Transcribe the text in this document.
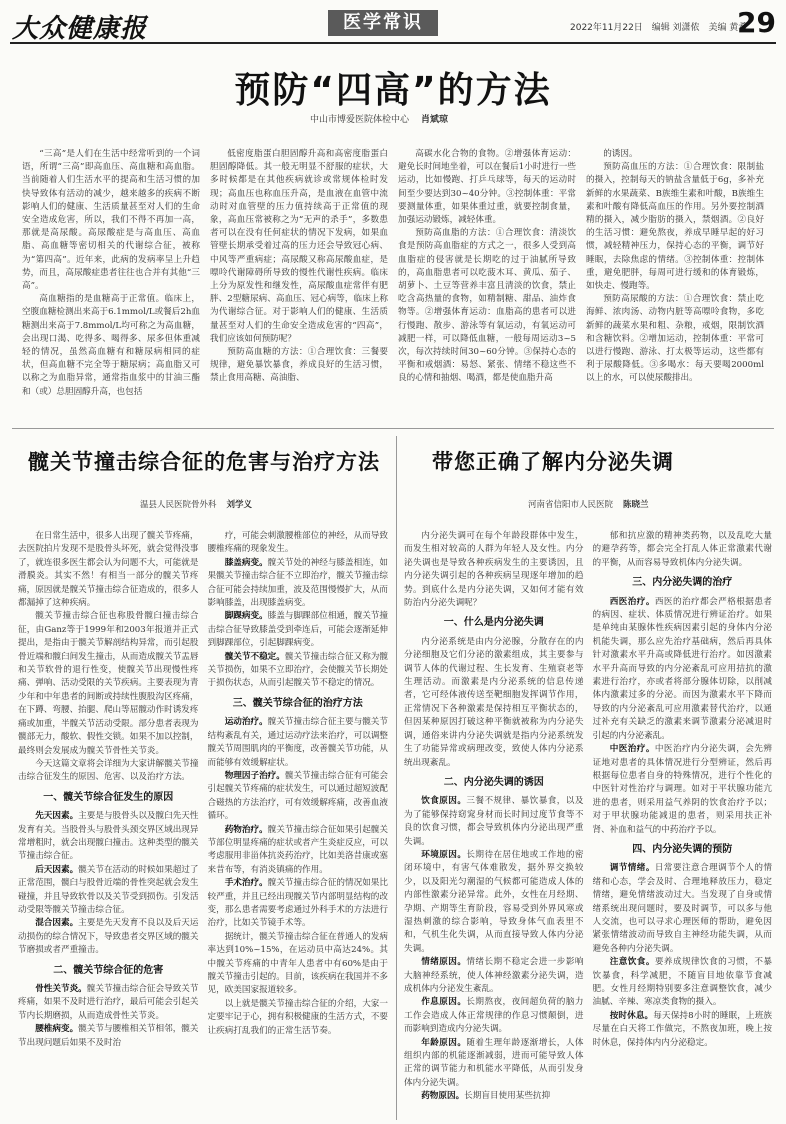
大众健康报	医学常识	2022年11月22日 编辑 刘潇侬 美编 黄希
29
预防“四高”的方法
中山市博爱医院体检中心 肖斌琼

“三高”是人们在生活中经常听到的一个词语，所谓“三高”即高血压、高血糖和高血脂。当前随着人们生活水平的提高和生活习惯的加快导致体有活动的减少，越来越多的疾病不断影响人们的健康、生活质量甚至对人们的生命安全造成危害，所以，我们不得不再加一高，那就是高尿酸。高尿酸症是与高血压、高血脂、高血糖等密切相关的代谢综合征，被称为“第四高”。近年来，此病的发病率呈上升趋势，而且，高尿酸症患者往往也合并有其他“三高”。

高血糖指的是血糖高于正常值。临床上，空腹血糖检测出来高于6.1mmol/L或餐后2h血糖测出来高于7.8mmol/L均可称之为高血糖，会出现口渴、吃得多、喝得多、尿多但体重减轻的情况，虽然高血糖有和糖尿病相同的症状，但高血糖不完全等于糖尿病；高血脂又可以称之为血脂异常，通常指血浆中的甘油三酯和（或）总胆固醇升高，也包括

低密度脂蛋白胆固醇升高和高密度脂蛋白胆固醇降低。其一般无明显不舒服的症状，大多时候都是在其他疾病就诊或常规体检时发现；高血压也称血压升高，是血液在血管中流动时对血管壁的压力值持续高于正常值的现象，高血压常被称之为“无声的杀手”，多数患者可以在没有任何症状的情况下发病，如果血管壁长期承受着过高的压力还会导致冠心病、中风等严重病症；高尿酸又称高尿酸血症，是嘌呤代谢障碍所导致的慢性代谢性疾病。临床上分为原发性和继发性，高尿酸血症常伴有肥胖、2型糖尿病、高血压、冠心病等，临床上称为代谢综合征。对于影响人们的健康、生活质量甚至对人们的生命安全造成危害的“四高”，我们应该如何预防呢？

预防高血糖的方法：①合理饮食：三餐要规律，避免暴饮暴食，养成良好的生活习惯，禁止食用高糖、高油脂、

高碳水化合物的食物。②增强体育运动：避免长时间地坐着，可以在餐后1小时进行一些运动，比如慢跑、打乒乓球等，每天的运动时间至少要达到30~40分钟。③控制体重：平常要测量体重，如果体重过重，就要控制食量，加强运动锻炼，减轻体重。

预防高血脂的方法：①合理饮食：清淡饮食是预防高血脂症的方式之一，很多人受到高血脂症的侵害就是长期吃的过于油腻所导致的，高血脂患者可以吃菠木耳、黄瓜、茄子、胡萝卜、土豆等营养丰富且清淡的饮食，禁止吃含高热量的食物，如精制糖、甜品、油炸食物等。②增强体育运动：血脂高的患者可以进行慢跑、散步、游泳等有氧运动，有氧运动可减肥一样，可以降低血糖，一般每周运动3~5次，每次持续时间30~60分钟。③保持心态的平衡和戒烟酒：易怒、紧张、情绪不稳这些不良的心情和抽烟、喝酒，都是使血脂升高

的诱因。

预防高血压的方法：①合理饮食：限制盐的摄入，控制每天的钠盐含量低于6g，多补充新鲜的水果蔬菜、B族维生素和叶酸，B族维生素和叶酸有降低高血压的作用。另外要控制酒精的摄入，减少脂肪的摄入，禁烟酒。②良好的生活习惯：避免熬夜，养成早睡早起的好习惯，减轻精神压力，保持心态的平衡，调节好睡眠，去除焦虑的情绪。③控制体重：控制体重，避免肥胖，每周可进行缓和的体育锻炼，如快走、慢跑等。

预防高尿酸的方法：①合理饮食：禁止吃海鲜、浓肉汤、动物内脏等高嘌呤食物，多吃新鲜的蔬菜水果和粗、杂粮，戒烟，限制饮酒和含糖饮料。②增加运动，控制体重：平常可以进行慢跑、游泳、打太极等运动，这些都有利于尿酸降低。③多喝水：每天要喝2000ml以上的水，可以使尿酸排出。

髋关节撞击综合征的危害与治疗方法
温县人民医院骨外科 刘学义

在日常生活中，很多人出现了髋关节疼痛，去医院拍片发现不是股骨头坏死，就会觉得没事了，就连很多医生都会认为问题不大，可能就是滑膜炎。其实不然！有相当一部分的髋关节疼痛，原因就是髋关节撞击综合征造成的，很多人都漏掉了这种疾病。

髋关节撞击综合征也称股骨髋臼撞击综合征，由Ganz等于1999年和2003年报道并正式提出，是指由于髋关节解剖结构异常，而引起股骨近端和髋臼间发生撞击，从而造成髋关节盂唇和关节软骨的退行性变，使髋关节出现慢性疼痛、弹响、活动受限的关节疾病。主要表现为青少年和中年患者的间断或持续性腹股沟区疼痛，在下蹲、弯腰、抬腿、爬山等屈髋动作时诱发疼痛或加重，半髋关节活动受限。部分患者表现为髋部无力，酸软、假性交锁。如果不加以控制，最终则会发展成为髋关节骨性关节炎。

今天这篇文章将会详细为大家讲解髋关节撞击综合征发生的原因、危害、以及治疗方法。

一、髋关节综合征发生的原因

先天因素。主要是与股骨头以及髋臼先天性发育有关。当股骨头与股骨头颈交界区域出现异常增粗时，就会出现髋臼撞击。这种类型的髋关节撞击综合征。

后天因素。髋关节在活动的时候如果超过了正常范围，髋臼与股骨近端的骨性突起就会发生碰撞，并且导致软骨以及关节受到损伤。引发活动受限等髋关节撞击综合征。

混合因素。主要是先天发育不良以及后天运动损伤的综合情况下，导致患者交界区域的髋关节磨损或者严重撞击。

二、髋关节综合征的危害

骨性关节炎。髋关节撞击综合征会导致关节疼痛，如果不及时进行治疗，最后可能会引起关节内长期磨损，从而造成骨性关节炎。

腰椎病变。髋关节与腰椎相关节相邻，髋关节出现问题后如果不及时治

疗，可能会刺激腰椎部位的神经，从而导致腰椎疼痛的现象发生。

膝盖病变。髋关节处的神经与膝盖相连，如果髋关节撞击综合征不立即治疗，髋关节撞击综合征可能会持续加重，波及范围慢慢扩大，从而影响膝盖，出现膝盖病变。

脚踝病变。膝盖与脚踝部位相通，髋关节撞击综合征导致膝盖受到牵连后，可能会逐渐延伸到脚踝部位，引起脚踝病变。

髋关节不稳定。髋关节撞击综合征又称为髋关节损伤，如果不立即治疗，会使髋关节长期处于损伤状态，从而引起髋关节不稳定的情况。

三、髋关节综合征的治疗方法

运动治疗。髋关节撞击综合征主要与髋关节结构紊乱有关，通过运动疗法来治疗，可以调整髋关节周围肌肉的平衡度，改善髋关节功能，从而能够有效缓解症状。

物理因子治疗。髋关节撞击综合征有可能会引起髋关节疼痛的症状发生，可以通过超短波配合磁热的方法治疗，可有效缓解疼痛，改善血液循环。

药物治疗。髋关节撞击综合征如果引起髋关节部位明显疼痛的症状或者产生炎症反应，可以考虑服用非甾体抗炎药治疗，比如美洛昔康或塞来昔布等，有消炎镇痛的作用。

手术治疗。髋关节撞击综合征的情况如果比较严重，并且已经出现髋关节内部明显结构的改变，那么患者需要考虑通过外科手术的方法进行治疗，比如关节镜手术等。

据统计，髋关节撞击综合征在普通人的发病率达到10%~15%，在运动员中高达24%。其中髋关节疼痛的中青年人患者中有60%是由于髋关节撞击引起的。目前，该疾病在我国并不多见，欧美国家报道较多。

以上就是髋关节撞击综合征的介绍，大家一定要牢记于心，拥有积极健康的生活方式，不要让疾病打乱我们的正常生活节奏。

带您正确了解内分泌失调
河南省信阳市人民医院 陈晓兰

内分泌失调可在每个年龄段群体中发生，而发生相对较高的人群为年轻人及女性。内分泌失调也是导致各种疾病发生的主要诱因，且内分泌失调引起的各种疾病呈现逐年增加的趋势。到底什么是内分泌失调，又如何才能有效防治内分泌失调呢？

一、什么是内分泌失调

内分泌系统是由内分泌腺，分散存在的内分泌细胞及它们分泌的激素组成，其主要参与调节人体的代谢过程、生长发育、生殖衰老等生理活动。而激素是内分泌系统的信息传递者，它可经体液传送至靶细胞发挥调节作用，正常情况下各种激素是保持相互平衡状态的，但因某种原因打破这种平衡就被称为内分泌失调，通俗来讲内分泌失调就是指内分泌系统发生了功能异常或病理改变，致使人体内分泌系统出现紊乱。

二、内分泌失调的诱因

饮食原因。三餐不规律、暴饮暴食，以及为了能够保持窈窕身材而长时间过度节食等不良的饮食习惯，都会导致机体内分泌出现严重失调。

环境原因。长期待在居住地或工作地的密闭环境中，有害气体难散发，据外界交换较少，以及阳光匀潮湿的气候都可能造成人体的内部性激素分泌异常。此外，女性在月经期、孕期、产期等生育阶段，容易受到外界风寒或湿热刺激的综合影响，导致身体气血表里不和，气机生化失调，从而直接导致人体内分泌失调。

情绪原因。情绪长期不稳定会进一步影响大脑神经系统，使人体神经激素分泌失调，造成机体内分泌发生紊乱。

作息原因。长期熬夜，夜间超负荷的脑力工作会造成人体正常规律的作息习惯颠倒，进而影响到造成内分泌失调。

年龄原因。随着生理年龄逐渐增长，人体组织内部的机能逐渐减弱，进而可能导致人体正常的调节能力和机能水平降低，从而引发身体内分泌失调。

药物原因。长期盲目使用某些抗抑

郁和抗应激的精神类药物，以及乱吃大量的避孕药等，都会完全打乱人体正常激素代谢的平衡，从而容易导致机体内分泌失调。

三、内分泌失调的治疗

西医治疗。西医的治疗都会严格根据患者的病因、症状、体质情况进行辨证治疗。如果是单纯由某腺体性疾病因素引起的身体内分泌机能失调，那么应先治疗基础病，然后再具体针对激素水平升高或降低进行治疗。如因激素水平升高而导致的内分泌紊乱可应用拮抗的激素进行治疗，亦或者将部分腺体切除，以削减体内激素过多的分泌。而因为激素水平下降而导致的内分泌紊乱可应用激素替代治疗，以通过补充有关缺乏的激素来调节激素分泌减退时引起的内分泌紊乱。

中医治疗。中医治疗内分泌失调，会先辨证地对患者的具体情况进行分型辨证，然后再根据每位患者自身的特殊情况，进行个性化的中医针对性治疗与调理。如对于平状腺功能亢进的患者，则采用益气养阴的饮食治疗予以；对于甲状腺功能减退的患者，则采用扶正补肾、补血和益气的中药治疗予以。

四、内分泌失调的预防

调节情绪。日常要注意合理调节个人的情绪和心态，学会及时、合理地释放压力，稳定情绪，避免情绪波动过大。当发现了自身或情绪系统出现问题时，要及时调节，可以多与他人交流，也可以寻求心理医师的帮助，避免因紧张情绪波动而导致自主神经功能失调，从而避免各种内分泌失调。

注意饮食。要养成规律饮食的习惯，不暴饮暴食，科学减肥，不随盲目地依靠节食减肥。女性月经期特别要多注意调整饮食，减少油腻、辛辣、寒凉类食物的摄入。

按时休息。每天保持8小时的睡眠，上班族尽量在白天将工作做完，不熬夜加班，晚上按时休息，保持体内内分泌稳定。
